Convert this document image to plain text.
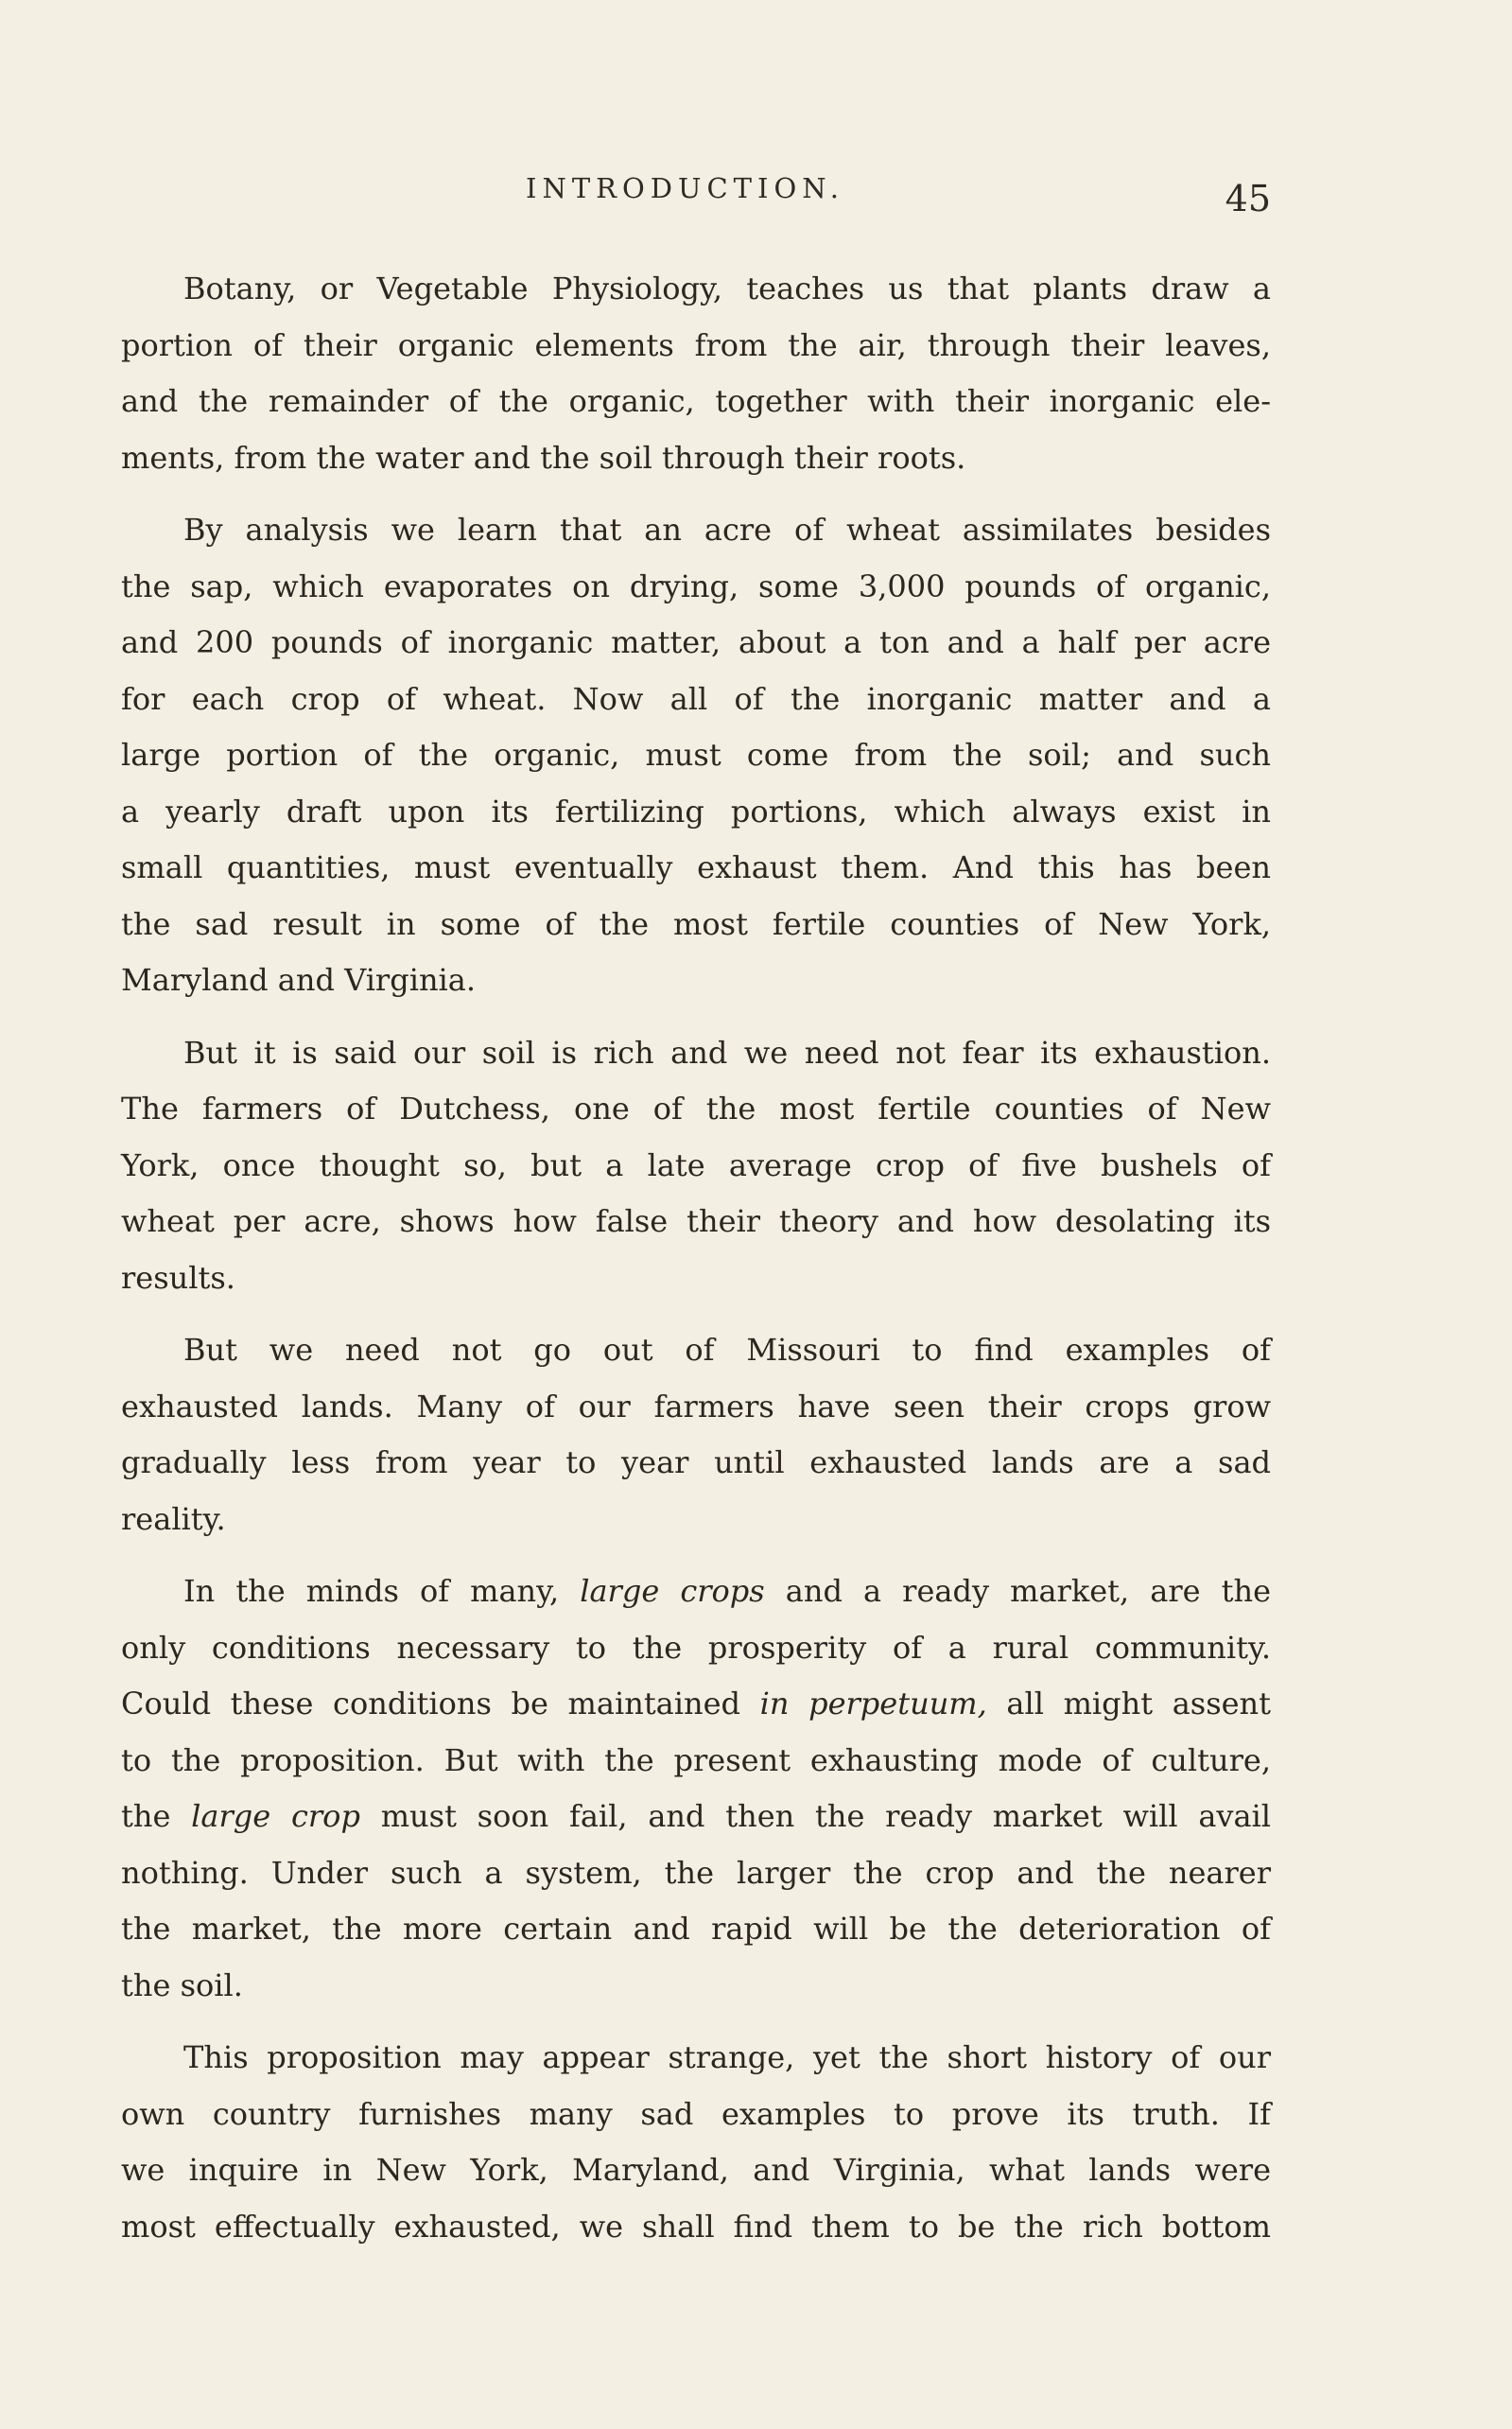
INTRODUCTION.	45

Botany, or Vegetable Physiology, teaches us that plants draw a
portion of their organic elements from the air, through their leaves,
and the remainder of the organic, together with their inorganic ele-
ments, from the water and the soil through their roots.

By analysis we learn that an acre of wheat assimilates besides
the sap, which evaporates on drying, some 3,000 pounds of organic,
and 200 pounds of inorganic matter, about a ton and a half per acre
for each crop of wheat. Now all of the inorganic matter and a
large portion of the organic, must come from the soil; and such
a yearly draft upon its fertilizing portions, which always exist in
small quantities, must eventually exhaust them. And this has been
the sad result in some of the most fertile counties of New York,
Maryland and Virginia.

But it is said our soil is rich and we need not fear its exhaustion.
The farmers of Dutchess, one of the most fertile counties of New
York, once thought so, but a late average crop of five bushels of
wheat per acre, shows how false their theory and how desolating its
results.

But we need not go out of Missouri to find examples of
exhausted lands. Many of our farmers have seen their crops grow
gradually less from year to year until exhausted lands are a sad
reality.

In the minds of many, large crops and a ready market, are the
only conditions necessary to the prosperity of a rural community.
Could these conditions be maintained in perpetuum, all might assent
to the proposition. But with the present exhausting mode of culture,
the large crop must soon fail, and then the ready market will avail
nothing. Under such a system, the larger the crop and the nearer
the market, the more certain and rapid will be the deterioration of
the soil.

This proposition may appear strange, yet the short history of our
own country furnishes many sad examples to prove its truth. If
we inquire in New York, Maryland, and Virginia, what lands were
most effectually exhausted, we shall find them to be the rich bottom
